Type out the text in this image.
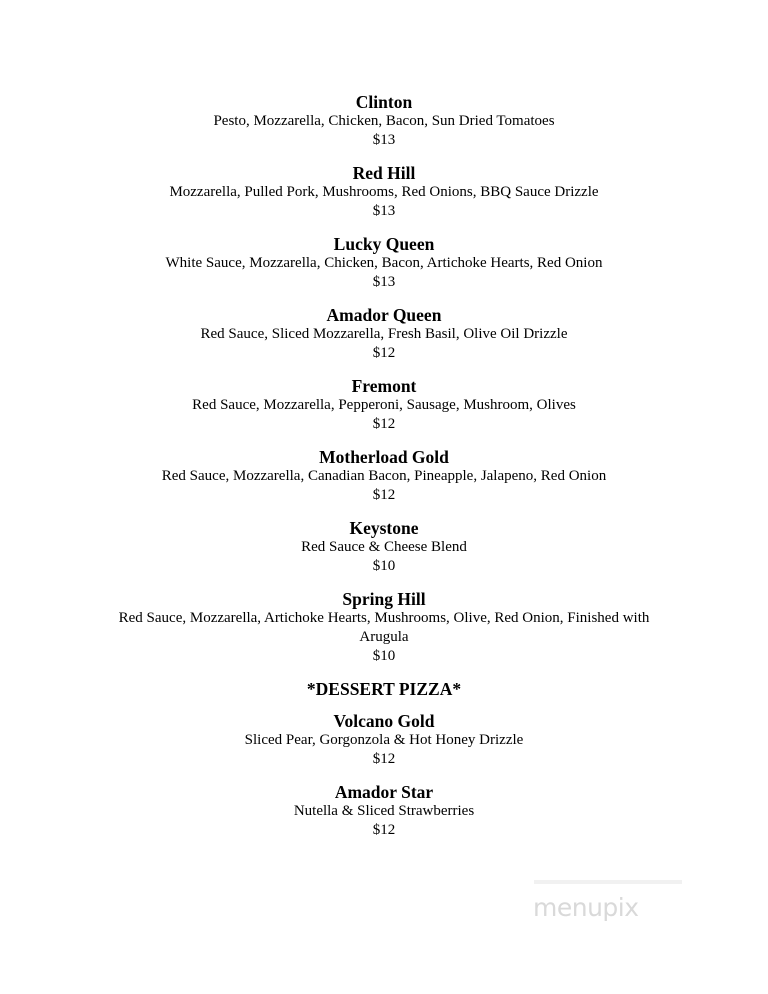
Clinton
Pesto, Mozzarella, Chicken, Bacon, Sun Dried Tomatoes
$13
Red Hill
Mozzarella, Pulled Pork, Mushrooms, Red Onions, BBQ Sauce Drizzle
$13
Lucky Queen
White Sauce, Mozzarella, Chicken, Bacon, Artichoke Hearts, Red Onion
$13
Amador Queen
Red Sauce, Sliced Mozzarella, Fresh Basil, Olive Oil Drizzle
$12
Fremont
Red Sauce, Mozzarella, Pepperoni, Sausage, Mushroom, Olives
$12
Motherload Gold
Red Sauce, Mozzarella, Canadian Bacon, Pineapple, Jalapeno, Red Onion
$12
Keystone
Red Sauce & Cheese Blend
$10
Spring Hill
Red Sauce, Mozzarella, Artichoke Hearts, Mushrooms, Olive, Red Onion, Finished with Arugula
$10
*DESSERT PIZZA*
Volcano Gold
Sliced Pear, Gorgonzola & Hot Honey Drizzle
$12
Amador Star
Nutella & Sliced Strawberries
$12
menupix
